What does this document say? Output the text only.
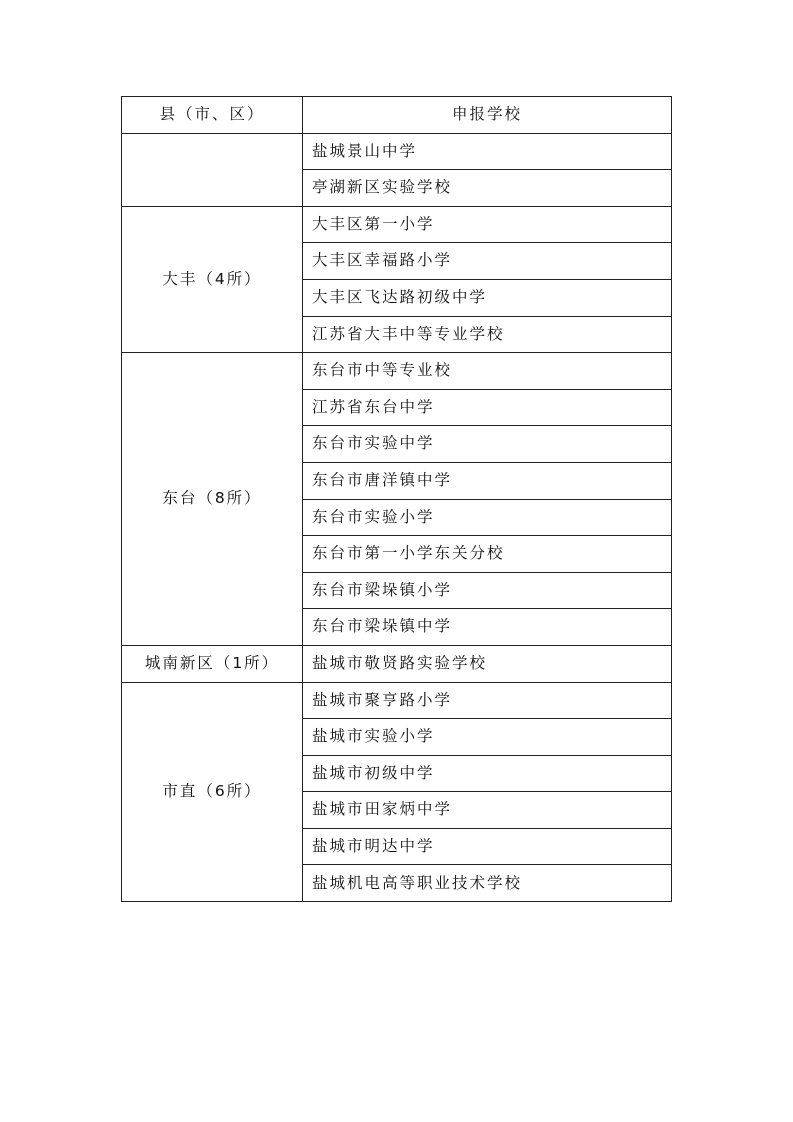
县（市、区）	申报学校
	盐城景山中学
	亭湖新区实验学校
大丰（4所）	大丰区第一小学
	大丰区幸福路小学
	大丰区飞达路初级中学
	江苏省大丰中等专业学校
东台（8所）	东台市中等专业校
	江苏省东台中学
	东台市实验中学
	东台市唐洋镇中学
	东台市实验小学
	东台市第一小学东关分校
	东台市梁垛镇小学
	东台市梁垛镇中学
城南新区（1所）	盐城市敬贤路实验学校
市直（6所）	盐城市聚亨路小学
	盐城市实验小学
	盐城市初级中学
	盐城市田家炳中学
	盐城市明达中学
	盐城机电高等职业技术学校
